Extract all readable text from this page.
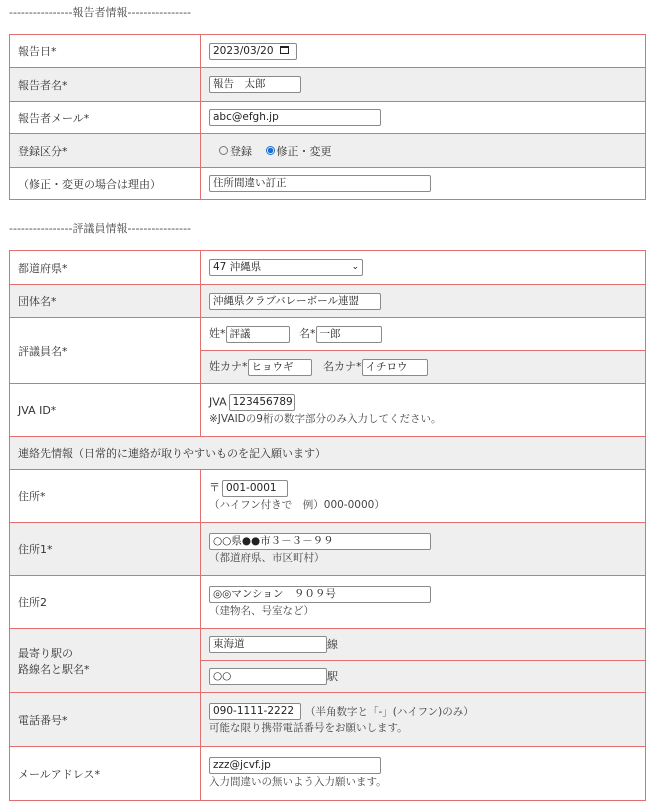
----------------報告者情報----------------
報告日*	2023/03/20
報告者名*	報告　太郎
報告者メール*	abc@efgh.jp
登録区分*	登録 修正・変更
（修正・変更の場合は理由）	住所間違い訂正
----------------評議員情報----------------
都道府県*	47 沖縄県 ⌄

団体名*	沖縄県クラブバレーボール連盟
評議員名*	姓* 評議 名* 一郎
	姓カナ* ヒョウギ 名カナ* イチロウ
JVA ID*	JVA 123456789
※JVAIDの9桁の数字部分のみ入力してください。

連絡先情報（日常的に連絡が取りやすいものを記入願います）	
住所*	〒 001-0001
（ハイフン付きで　例）000-0000）

住所1*	○○県●●市３－３－９９
（都道府県、市区町村）

住所2	◎◎マンション　９０９号
（建物名、号室など）

最寄り駅の
路線名と駅名*	東海道 線
	○○ 駅
電話番号*	090-1111-2222 （半角数字と「-」(ハイフン)のみ）
可能な限り携帯電話番号をお願いします。

メールアドレス*	zzz@jcvf.jp
入力間違いの無いよう入力願います。
